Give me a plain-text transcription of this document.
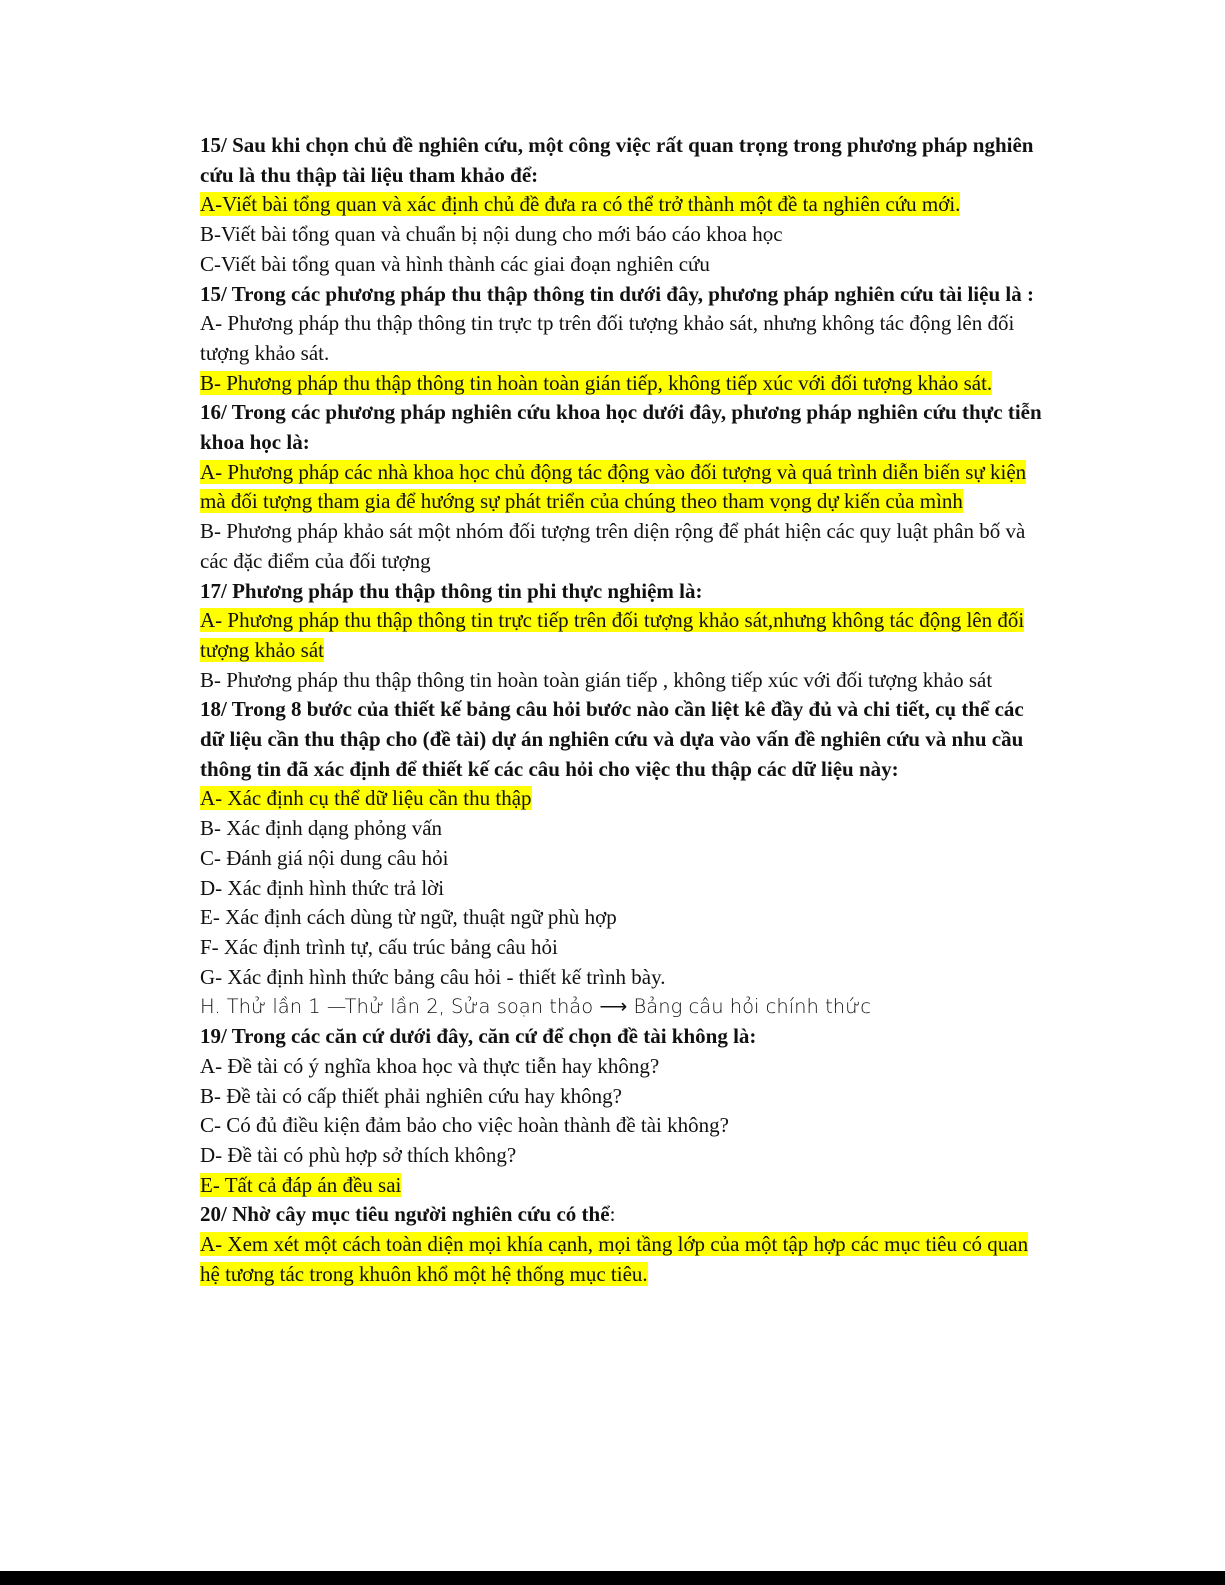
15/ Sau khi chọn chủ đề nghiên cứu, một công việc rất quan trọng trong phương pháp nghiên cứu là thu thập tài liệu tham khảo để:

A-Viết bài tổng quan và xác định chủ đề đưa ra có thể trở thành một đề ta nghiên cứu mới.

B-Viết bài tổng quan và chuẩn bị nội dung cho mới báo cáo khoa học

C-Viết bài tổng quan và hình thành các giai đoạn nghiên cứu

15/ Trong các phương pháp thu thập thông tin dưới đây, phương pháp nghiên cứu tài liệu là :

A- Phương pháp thu thập thông tin trực tp trên đối tượng khảo sát, nhưng không tác động lên đối tượng khảo sát.

B- Phương pháp thu thập thông tin hoàn toàn gián tiếp, không tiếp xúc với đối tượng khảo sát.

16/ Trong các phương pháp nghiên cứu khoa học dưới đây, phương pháp nghiên cứu thực tiễn khoa học là:

A- Phương pháp các nhà khoa học chủ động tác động vào đối tượng và quá trình diễn biến sự kiện mà đối tượng tham gia để hướng sự phát triển của chúng theo tham vọng dự kiến của mình

B- Phương pháp khảo sát một nhóm đối tượng trên diện rộng để phát hiện các quy luật phân bố và các đặc điểm của đối tượng

17/ Phương pháp thu thập thông tin phi thực nghiệm là:

A- Phương pháp thu thập thông tin trực tiếp trên đối tượng khảo sát,nhưng không tác động lên đối tượng khảo sát

B- Phương pháp thu thập thông tin hoàn toàn gián tiếp , không tiếp xúc với đối tượng khảo sát

18/ Trong 8 bước của thiết kế bảng câu hỏi bước nào cần liệt kê đầy đủ và chi tiết, cụ thể các dữ liệu cần thu thập cho (đề tài) dự án nghiên cứu và dựa vào vấn đề nghiên cứu và nhu cầu thông tin đã xác định để thiết kế các câu hỏi cho việc thu thập các dữ liệu này:

A- Xác định cụ thể dữ liệu cần thu thập

B- Xác định dạng phỏng vấn

C- Đánh giá nội dung câu hỏi

D- Xác định hình thức trả lời

E- Xác định cách dùng từ ngữ, thuật ngữ phù hợp

F- Xác định trình tự, cấu trúc bảng câu hỏi

G- Xác định hình thức bảng câu hỏi - thiết kế trình bày.

H. Thử lần 1 —Thử lần 2, Sửa soạn thảo ⟶ Bảng câu hỏi chính thức

19/ Trong các căn cứ dưới đây, căn cứ để chọn đề tài không là:

A- Đề tài có ý nghĩa khoa học và thực tiễn hay không?

B- Đề tài có cấp thiết phải nghiên cứu hay không?

C- Có đủ điều kiện đảm bảo cho việc hoàn thành đề tài không?

D- Đề tài có phù hợp sở thích không?

E- Tất cả đáp án đều sai

20/ Nhờ cây mục tiêu người nghiên cứu có thể:

A- Xem xét một cách toàn diện mọi khía cạnh, mọi tầng lớp của một tập hợp các mục tiêu có quan hệ tương tác trong khuôn khổ một hệ thống mục tiêu.
